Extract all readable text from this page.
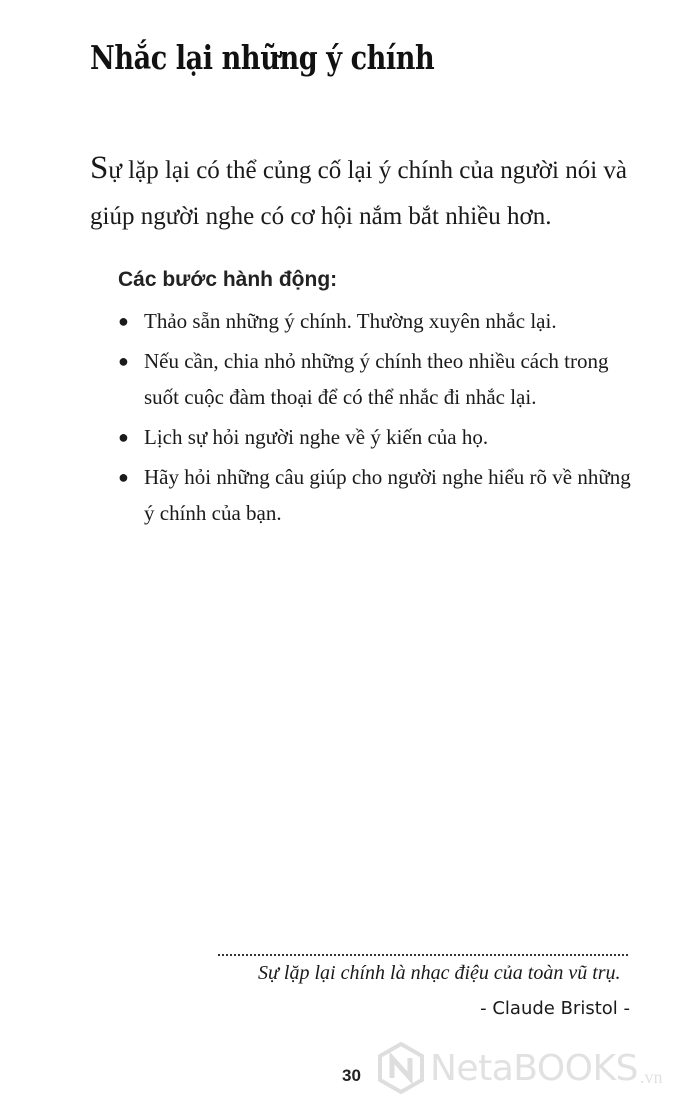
Nhắc lại những ý chính
Sự lặp lại có thể củng cố lại ý chính của người nói và giúp người nghe có cơ hội nắm bắt nhiều hơn.
Các bước hành động:
● Thảo sẵn những ý chính. Thường xuyên nhắc lại.
● Nếu cần, chia nhỏ những ý chính theo nhiều cách trong suốt cuộc đàm thoại để có thể nhắc đi nhắc lại.
● Lịch sự hỏi người nghe về ý kiến của họ.
● Hãy hỏi những câu giúp cho người nghe hiểu rõ về những ý chính của bạn.
Sự lặp lại chính là nhạc điệu của toàn vũ trụ.
- Claude Bristol -
30 NetaBOOKS .vn
